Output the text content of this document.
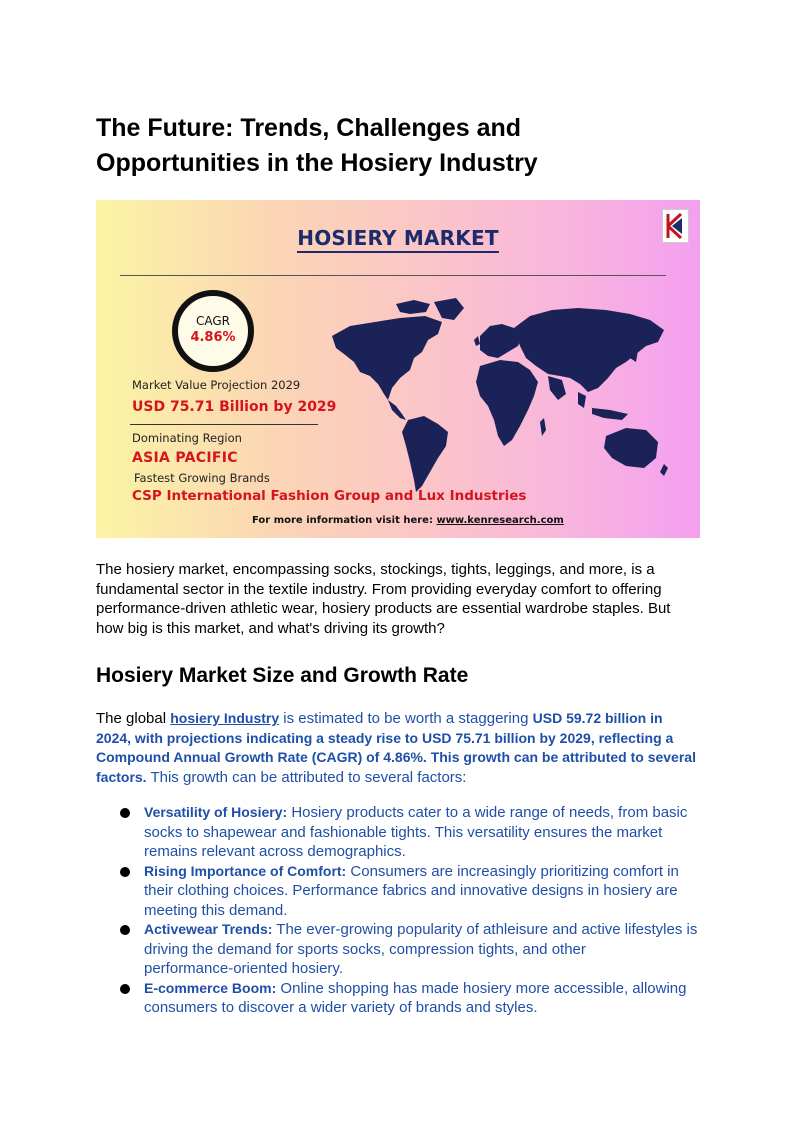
The Future: Trends, Challenges and Opportunities in the Hosiery Industry
HOSIERY MARKET
CAGR
4.86%
Market Value Projection 2029
USD 75.71 Billion by 2029
Dominating Region
ASIA PACIFIC
Fastest Growing Brands
CSP International Fashion Group and Lux Industries
For more information visit here: www.kenresearch.com

The hosiery market, encompassing socks, stockings, tights, leggings, and more, is a fundamental sector in the textile industry. From providing everyday comfort to offering performance-driven athletic wear, hosiery products are essential wardrobe staples. But how big is this market, and what's driving its growth?

Hosiery Market Size and Growth Rate

The global hosiery Industry is estimated to be worth a staggering USD 59.72 billion in 2024, with projections indicating a steady rise to USD 75.71 billion by 2029, reflecting a Compound Annual Growth Rate (CAGR) of 4.86%. This growth can be attributed to several factors. This growth can be attributed to several factors:

Versatility of Hosiery: Hosiery products cater to a wide range of needs, from basic socks to shapewear and fashionable tights. This versatility ensures the market remains relevant across demographics.
Rising Importance of Comfort: Consumers are increasingly prioritizing comfort in their clothing choices. Performance fabrics and innovative designs in hosiery are meeting this demand.
Activewear Trends: The ever-growing popularity of athleisure and active lifestyles is driving the demand for sports socks, compression tights, and other
performance-oriented hosiery.
E-commerce Boom: Online shopping has made hosiery more accessible, allowing consumers to discover a wider variety of brands and styles.
